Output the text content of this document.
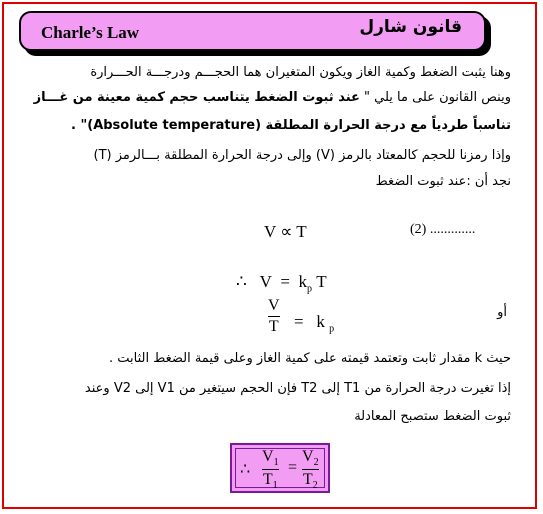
Charle’s Law	قانون شارل
وهنا يثبت الضغط وكمية الغاز ويكون المتغيران هما الحجـــم ودرجـــة الحـــرارة
وينص القانون على ما يلي " عند ثبوت الضغط يتناسب حجم كمية معينة من غـــاز
تناسباً طردياً مع درجة الحرارة المطلقة (Absolute temperature)" .
وإذا رمزنا للحجم كالمعتاد بالرمز (V) وإلى درجة الحرارة المطلقة بـــالرمز (T)
نجد أن :عند ثبوت الضغط
V ∝ T	(2) .............
∴ $V = k_p$ T
V
T = k $_p$
أو
حيث k مقدار ثابت وتعتمد قيمته على كمية الغاز وعلى قيمة الضغط الثابت .
إذا تغيرت درجة الحرارة من T1 إلى T2 فإن الحجم سيتغير من V1 إلى V2 وعند
ثبوت الضغط ستصبح المعادلة
∴
$V_1$
$T_1$
=
$V_2$
$T_2$
